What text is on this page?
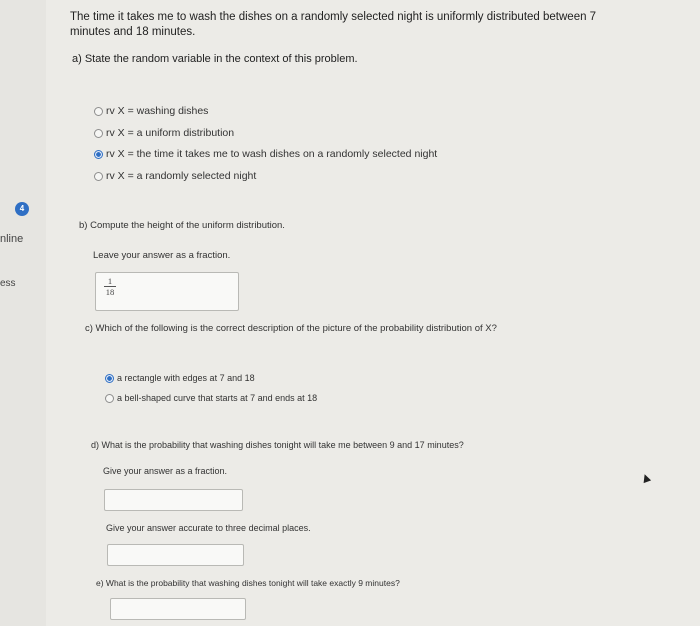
4
nline
ess
The time it takes me to wash the dishes on a randomly selected night is uniformly distributed between 7 minutes and 18 minutes.
a) State the random variable in the context of this problem.
rv X = washing dishes
rv X = a uniform distribution
rv X = the time it takes me to wash dishes on a randomly selected night
rv X = a randomly selected night
b) Compute the height of the uniform distribution.
Leave your answer as a fraction.
$\frac{1}{18}$
c) Which of the following is the correct description of the picture of the probability distribution of X?
a rectangle with edges at 7 and 18
a bell-shaped curve that starts at 7 and ends at 18
d) What is the probability that washing dishes tonight will take me between 9 and 17 minutes?
Give your answer as a fraction.
Give your answer accurate to three decimal places.
e) What is the probability that washing dishes tonight will take exactly 9 minutes?
